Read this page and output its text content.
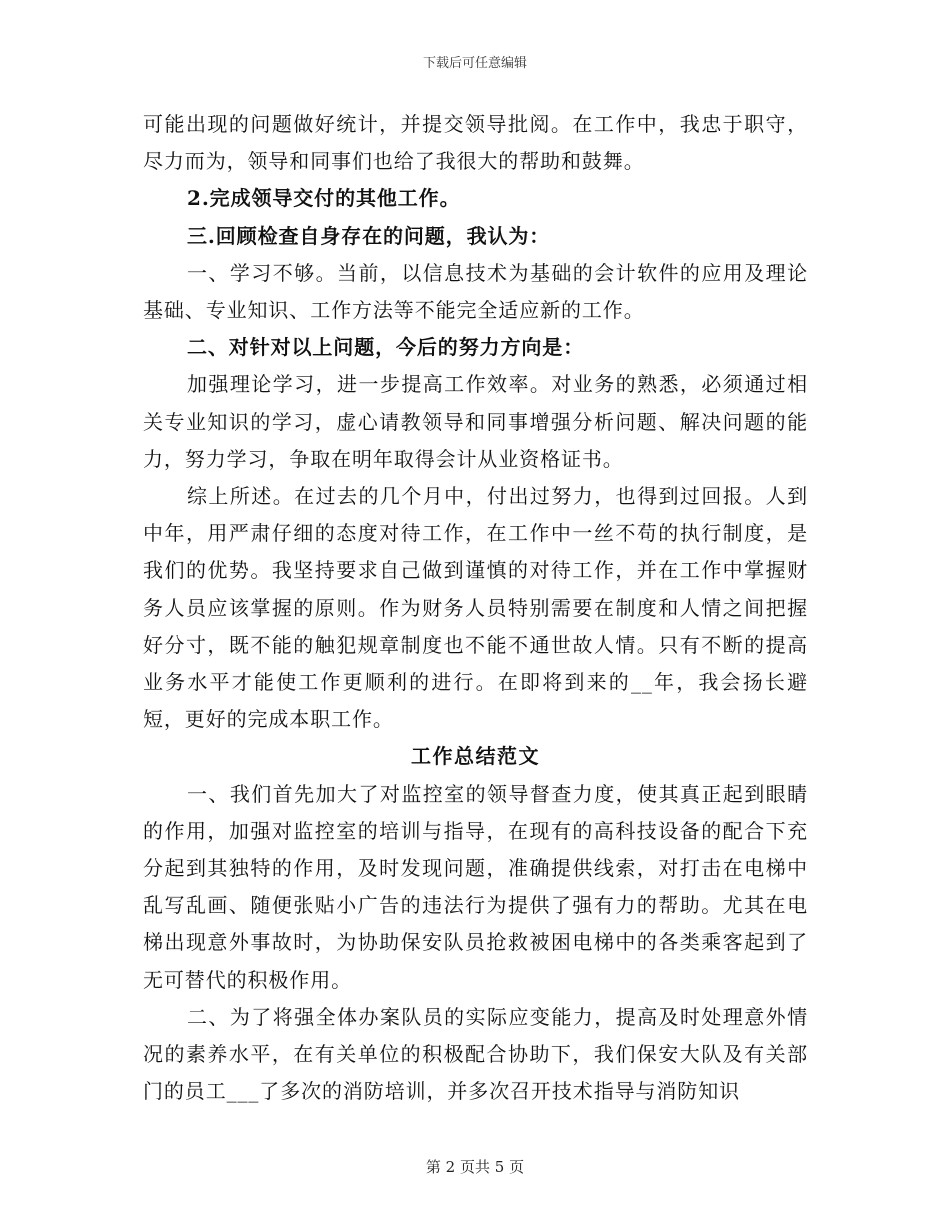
下载后可任意编辑

可能出现的问题做好统计，并提交领导批阅。在工作中，我忠于职守，尽力而为，领导和同事们也给了我很大的帮助和鼓舞。

2.完成领导交付的其他工作。

三.回顾检查自身存在的问题，我认为：

一、学习不够。当前，以信息技术为基础的会计软件的应用及理论基础、专业知识、工作方法等不能完全适应新的工作。

二、对针对以上问题，今后的努力方向是：

加强理论学习，进一步提高工作效率。对业务的熟悉，必须通过相关专业知识的学习，虚心请教领导和同事增强分析问题、解决问题的能力，努力学习，争取在明年取得会计从业资格证书。

综上所述。在过去的几个月中，付出过努力，也得到过回报。人到中年，用严肃仔细的态度对待工作，在工作中一丝不苟的执行制度，是我们的优势。我坚持要求自己做到谨慎的对待工作，并在工作中掌握财务人员应该掌握的原则。作为财务人员特别需要在制度和人情之间把握好分寸，既不能的触犯规章制度也不能不通世故人情。只有不断的提高业务水平才能使工作更顺利的进行。在即将到来的__年，我会扬长避短，更好的完成本职工作。

工作总结范文

一、我们首先加大了对监控室的领导督查力度，使其真正起到眼睛的作用，加强对监控室的培训与指导，在现有的高科技设备的配合下充分起到其独特的作用，及时发现问题，准确提供线索，对打击在电梯中乱写乱画、随便张贴小广告的违法行为提供了强有力的帮助。尤其在电梯出现意外事故时，为协助保安队员抢救被困电梯中的各类乘客起到了无可替代的积极作用。

二、为了将强全体办案队员的实际应变能力，提高及时处理意外情况的素养水平，在有关单位的积极配合协助下，我们保安大队及有关部门的员工___了多次的消防培训，并多次召开技术指导与消防知识

第 2 页共 5 页
